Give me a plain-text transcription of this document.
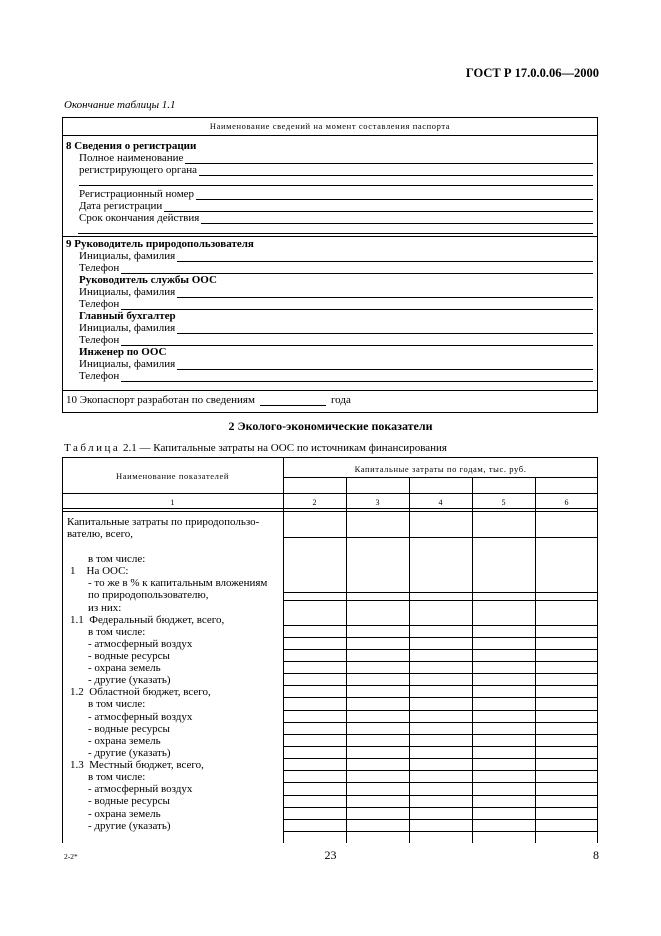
ГОСТ Р 17.0.0.06—2000
Окончание таблицы 1.1
Наименование сведений на момент составления паспорта
8 Сведения о регистрации
Полное наименование
регистрирующего органа
Регистрационный номер
Дата регистрации
Срок окончания действия
9 Руководитель природопользователя
Инициалы, фамилия
Телефон
Руководитель службы ООС
Инициалы, фамилия
Телефон
Главный бухгалтер
Инициалы, фамилия
Телефон
Инженер по ООС
Инициалы, фамилия
Телефон
10 Экопаспорт разработан по сведениям	года
2 Эколого-экономические показатели
Таблица 2.1 — Капитальные затраты на ООС по источникам финансирования
Наименование показателей
Капитальные затраты по годам, тыс. руб.
1	2	3	4	5	6
Капитальные затраты по природопользо-
вателю, всего,
в том числе:
1    На ООС:
- то же в % к капитальным вложениям
по природопользователю,
из них:
1.1  Федеральный бюджет, всего,
в том числе:
- атмосферный воздух
- водные ресурсы
- охрана земель
- другие (указать)
1.2  Областной бюджет, всего,
в том числе:
- атмосферный воздух
- водные ресурсы
- охрана земель
- другие (указать)
1.3  Местный бюджет, всего,
в том числе:
- атмосферный воздух
- водные ресурсы
- охрана земель
- другие (указать)
2-2*	23	8
